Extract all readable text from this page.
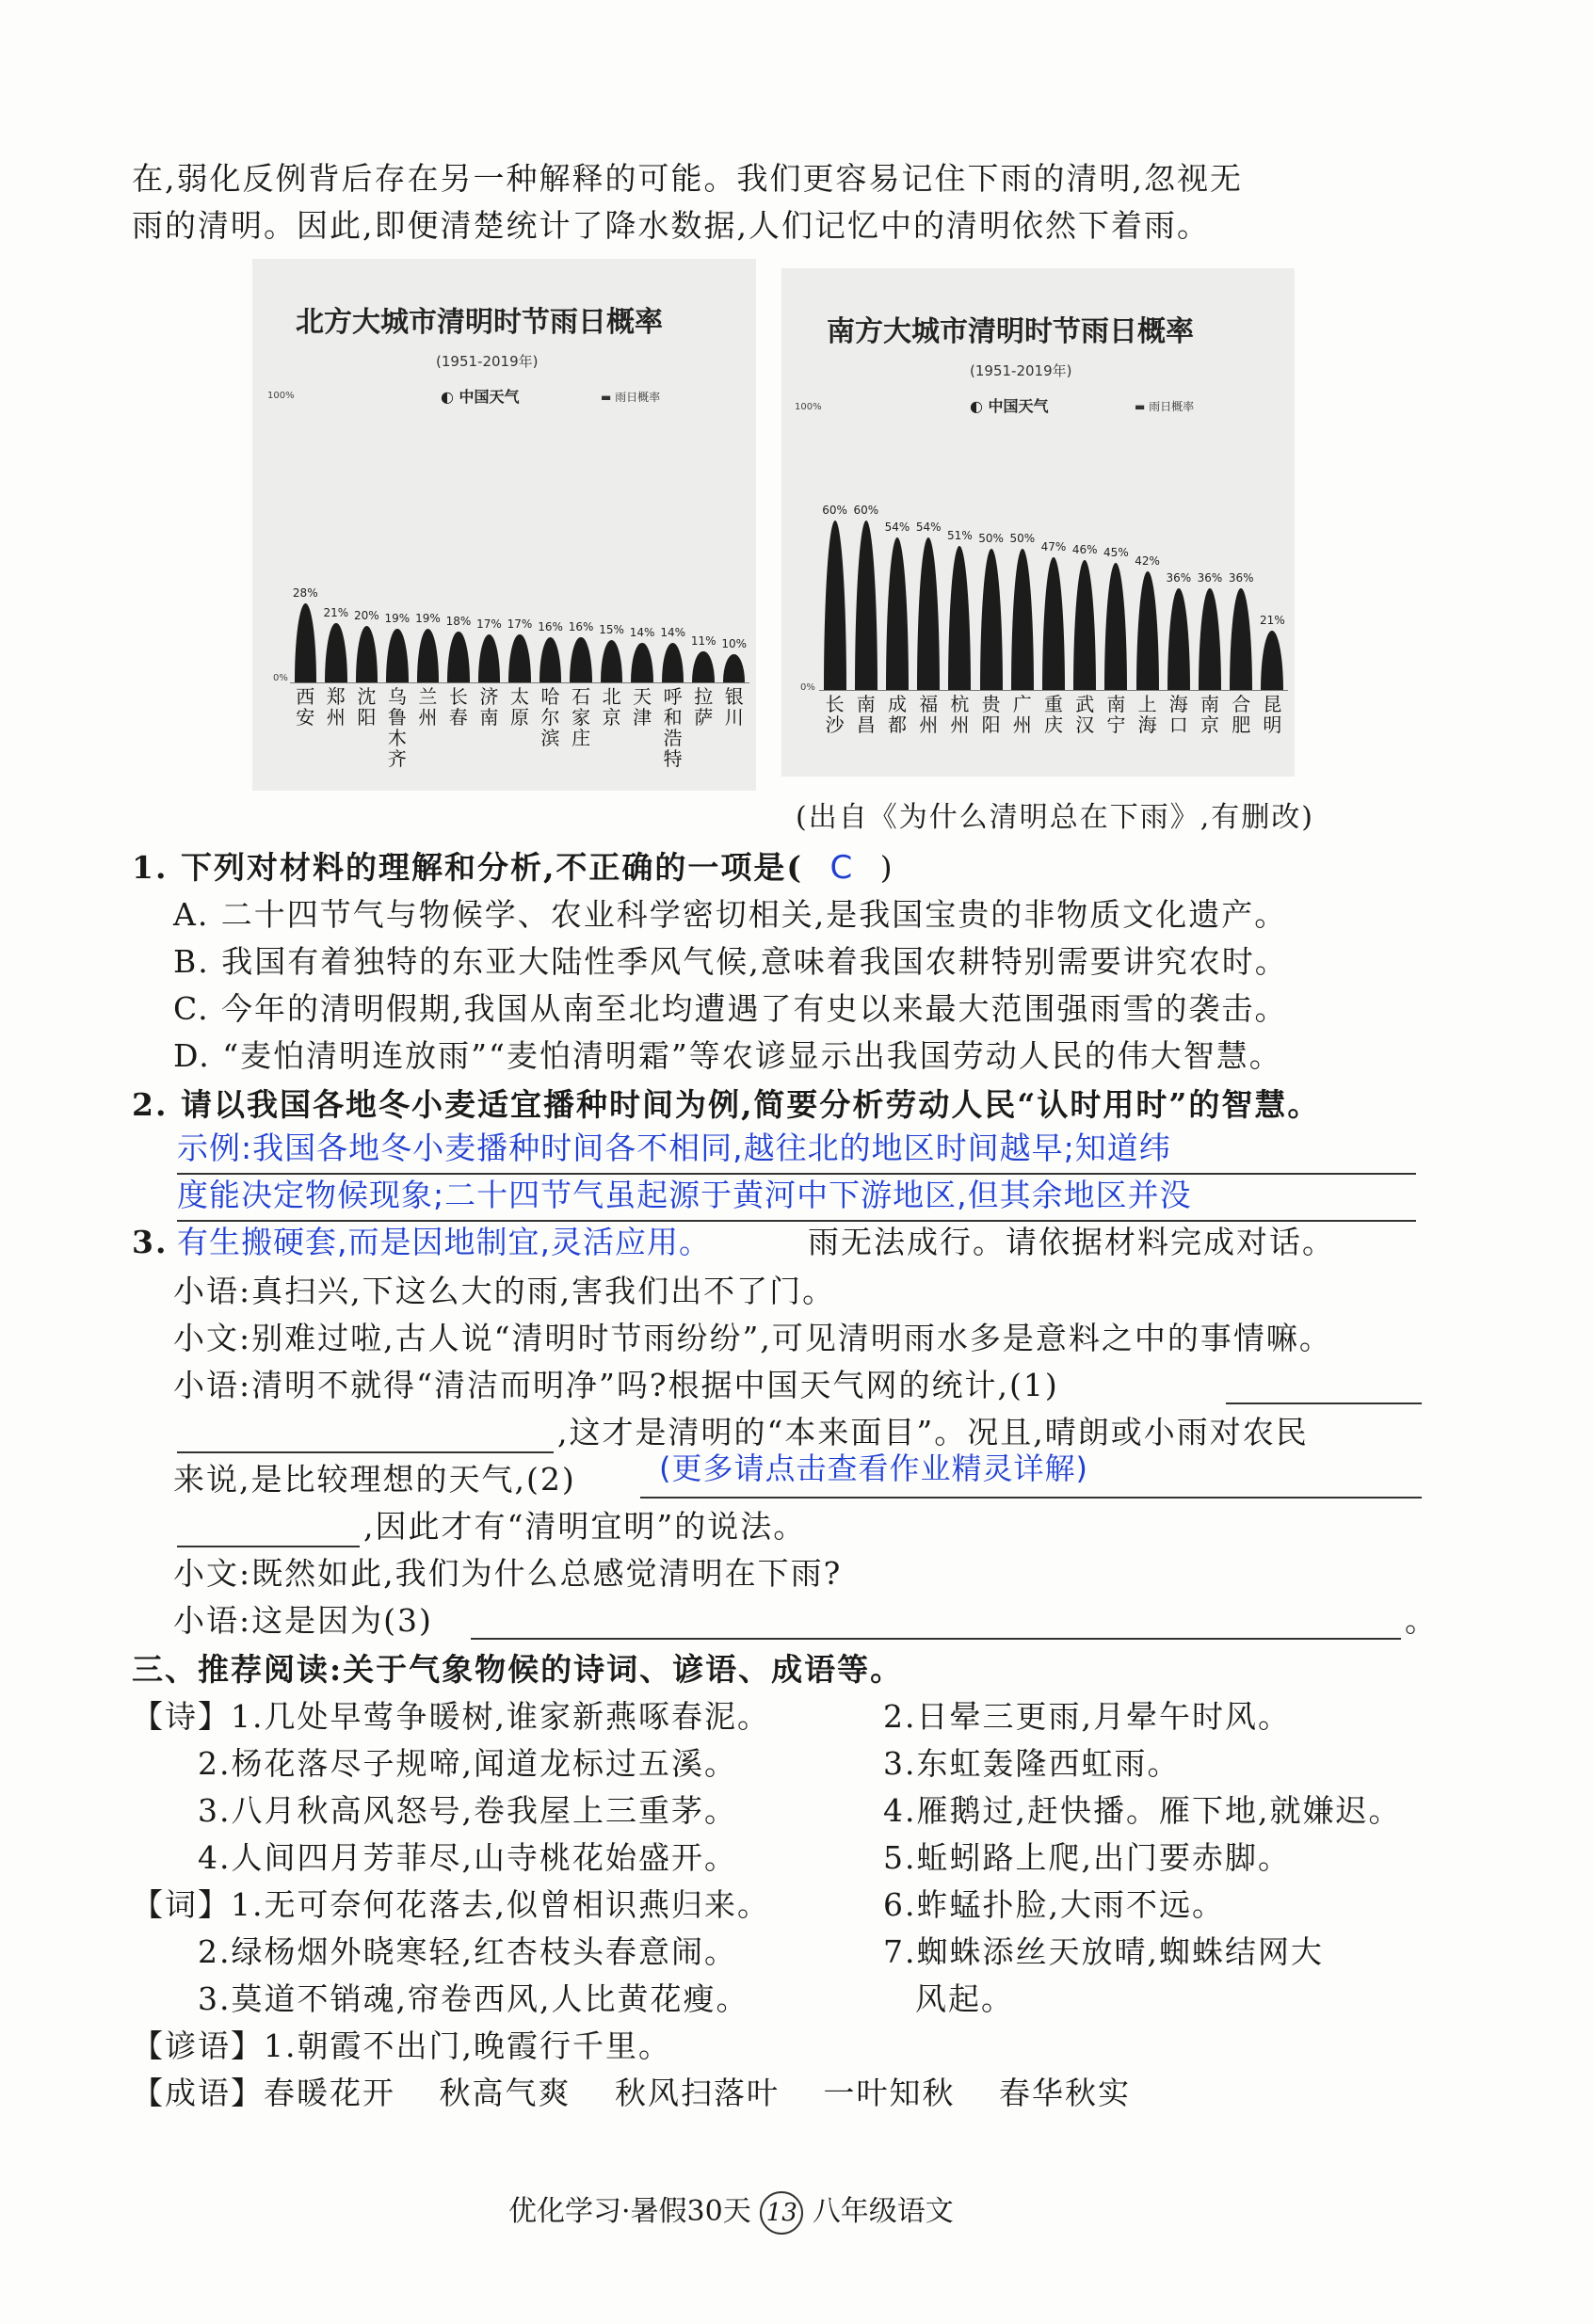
在,弱化反例背后存在另一种解释的可能。我们更容易记住下雨的清明,忽视无
雨的清明。因此,即便清楚统计了降水数据,人们记忆中的清明依然下着雨。
北方大城市清明时节雨日概率
(1951-2019年)
◐ 中国天气	▬ 雨日概率
100%
0%
28%
西
安
21%
郑
州
20%
沈
阳
19%
乌
鲁
木
齐
19%
兰
州
18%
长
春
17%
济
南
17%
太
原
16%
哈
尔
滨
16%
石
家
庄
15%
北
京
14%
天
津
14%
呼
和
浩
特
11%
拉
萨
10%
银
川
南方大城市清明时节雨日概率
(1951-2019年)
◐ 中国天气	▬ 雨日概率
100%
0%
60%
长
沙
60%
南
昌
54%
成
都
54%
福
州
51%
杭
州
50%
贵
阳
50%
广
州
47%
重
庆
46%
武
汉
45%
南
宁
42%
上
海
36%
海
口
36%
南
京
36%
合
肥
21%
昆
明
(出自《为什么清明总在下雨》,有删改)
1. 下列对材料的理解和分析,不正确的一项是( C )
A. 二十四节气与物候学、农业科学密切相关,是我国宝贵的非物质文化遗产。
B. 我国有着独特的东亚大陆性季风气候,意味着我国农耕特别需要讲究农时。
C. 今年的清明假期,我国从南至北均遭遇了有史以来最大范围强雨雪的袭击。
D. “麦怕清明连放雨”“麦怕清明霜”等农谚显示出我国劳动人民的伟大智慧。
2. 请以我国各地冬小麦适宜播种时间为例,简要分析劳动人民“认时用时”的智慧。
示例:我国各地冬小麦播种时间各不相同,越往北的地区时间越早;知道纬
度能决定物候现象;二十四节气虽起源于黄河中下游地区,但其余地区并没
有生搬硬套,而是因地制宜,灵活应用。
3.	雨无法成行。请依据材料完成对话。
小语:真扫兴,下这么大的雨,害我们出不了门。
小文:别难过啦,古人说“清明时节雨纷纷”,可见清明雨水多是意料之中的事情嘛。
小语:清明不就得“清洁而明净”吗?根据中国天气网的统计,(1)
,这才是清明的“本来面目”。况且,晴朗或小雨对农民
来说,是比较理想的天气,(2)	(更多请点击查看作业精灵详解)
,因此才有“清明宜明”的说法。
小文:既然如此,我们为什么总感觉清明在下雨?
小语:这是因为(3)	。
三、推荐阅读:关于气象物候的诗词、谚语、成语等。
【诗】1.几处早莺争暖树,谁家新燕啄春泥。
2.杨花落尽子规啼,闻道龙标过五溪。
3.八月秋高风怒号,卷我屋上三重茅。
4.人间四月芳菲尽,山寺桃花始盛开。
【词】1.无可奈何花落去,似曾相识燕归来。
2.绿杨烟外晓寒轻,红杏枝头春意闹。
3.莫道不销魂,帘卷西风,人比黄花瘦。
【谚语】1.朝霞不出门,晚霞行千里。
2.日晕三更雨,月晕午时风。
3.东虹轰隆西虹雨。
4.雁鹅过,赶快播。雁下地,就嫌迟。
5.蚯蚓路上爬,出门要赤脚。
6.蚱蜢扑脸,大雨不远。
7.蜘蛛添丝天放晴,蜘蛛结网大
风起。
【成语】春暖花开 秋高气爽 秋风扫落叶 一叶知秋 春华秋实
优化学习·暑假30天 13 八年级语文
